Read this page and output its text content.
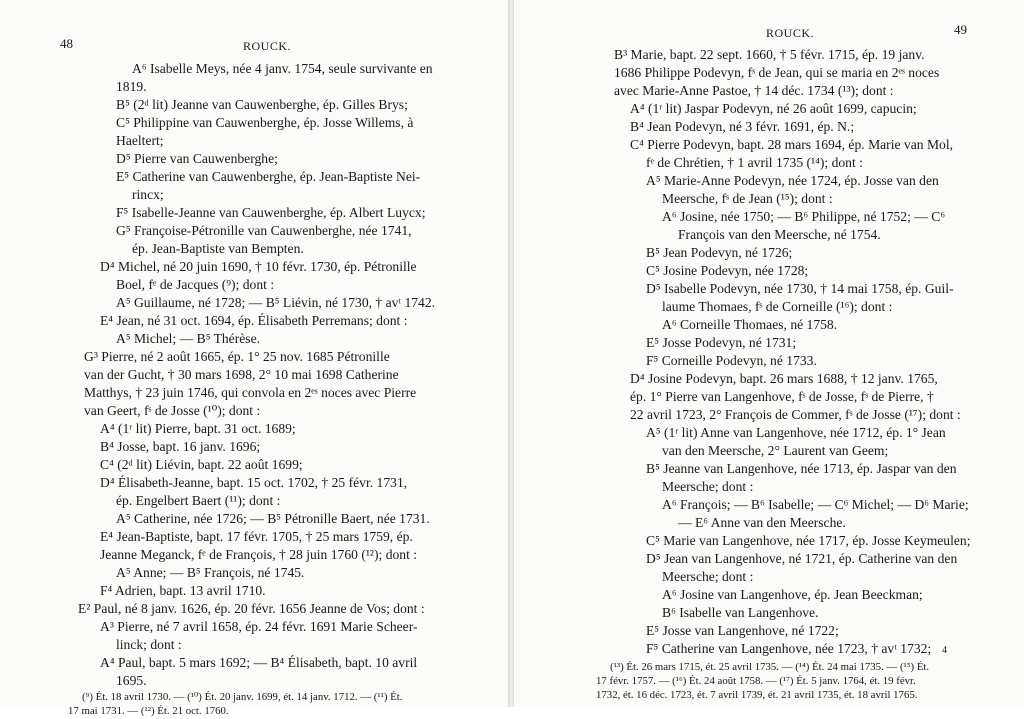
48	ROUCK.
A⁶ Isabelle Meys, née 4 janv. 1754, seule survivante en
1819.
B⁵ (2ᵈ lit) Jeanne van Cauwenberghe, ép. Gilles Brys;
C⁵ Philippine van Cauwenberghe, ép. Josse Willems, à
Haeltert;
D⁵ Pierre van Cauwenberghe;
E⁵ Catherine van Cauwenberghe, ép. Jean-Baptiste Nei-
rincx;
F⁵ Isabelle-Jeanne van Cauwenberghe, ép. Albert Luycx;
G⁵ Françoise-Pétronille van Cauwenberghe, née 1741,
ép. Jean-Baptiste van Bempten.
D⁴ Michel, né 20 juin 1690, † 10 févr. 1730, ép. Pétronille
Boel, fᵉ de Jacques (⁹); dont :
A⁵ Guillaume, né 1728; — B⁵ Liévin, né 1730, † avᵗ 1742.
E⁴ Jean, né 31 oct. 1694, ép. Élisabeth Perremans; dont :
A⁵ Michel; — B⁵ Thérèse.
G³ Pierre, né 2 août 1665, ép. 1° 25 nov. 1685 Pétronille
van der Gucht, † 30 mars 1698, 2° 10 mai 1698 Catherine
Matthys, † 23 juin 1746, qui convola en 2ᵉˢ noces avec Pierre
van Geert, fˢ de Josse (¹⁰); dont :
A⁴ (1ʳ lit) Pierre, bapt. 31 oct. 1689;
B⁴ Josse, bapt. 16 janv. 1696;
C⁴ (2ᵈ lit) Liévin, bapt. 22 août 1699;
D⁴ Élisabeth-Jeanne, bapt. 15 oct. 1702, † 25 févr. 1731,
ép. Engelbert Baert (¹¹); dont :
A⁵ Catherine, née 1726; — B⁵ Pétronille Baert, née 1731.
E⁴ Jean-Baptiste, bapt. 17 févr. 1705, † 25 mars 1759, ép.
Jeanne Meganck, fᵉ de François, † 28 juin 1760 (¹²); dont :
A⁵ Anne; — B⁵ François, né 1745.
F⁴ Adrien, bapt. 13 avril 1710.
E² Paul, né 8 janv. 1626, ép. 20 févr. 1656 Jeanne de Vos; dont :
A³ Pierre, né 7 avril 1658, ép. 24 févr. 1691 Marie Scheer-
linck; dont :
A⁴ Paul, bapt. 5 mars 1692; — B⁴ Élisabeth, bapt. 10 avril
1695.
(⁹) Ét. 18 avril 1730. — (¹⁰) Ét. 20 janv. 1699, ét. 14 janv. 1712. — (¹¹) Ét.
17 mai 1731. — (¹²) Ét. 21 oct. 1760.
ROUCK.	49
B³ Marie, bapt. 22 sept. 1660, † 5 févr. 1715, ép. 19 janv.
1686 Philippe Podevyn, fˢ de Jean, qui se maria en 2ᵉˢ noces
avec Marie-Anne Pastoe, † 14 déc. 1734 (¹³); dont :
A⁴ (1ʳ lit) Jaspar Podevyn, né 26 août 1699, capucin;
B⁴ Jean Podevyn, né 3 févr. 1691, ép. N.;
C⁴ Pierre Podevyn, bapt. 28 mars 1694, ép. Marie van Mol,
fᵉ de Chrétien, † 1 avril 1735 (¹⁴); dont :
A⁵ Marie-Anne Podevyn, née 1724, ép. Josse van den
Meersche, fˢ de Jean (¹⁵); dont :
A⁶ Josine, née 1750; — B⁶ Philippe, né 1752; — C⁶
François van den Meersche, né 1754.
B⁵ Jean Podevyn, né 1726;
C⁵ Josine Podevyn, née 1728;
D⁵ Isabelle Podevyn, née 1730, † 14 mai 1758, ép. Guil-
laume Thomaes, fˢ de Corneille (¹⁶); dont :
A⁶ Corneille Thomaes, né 1758.
E⁵ Josse Podevyn, né 1731;
F⁵ Corneille Podevyn, né 1733.
D⁴ Josine Podevyn, bapt. 26 mars 1688, † 12 janv. 1765,
ép. 1° Pierre van Langenhove, fˢ de Josse, fˢ de Pierre, †
22 avril 1723, 2° François de Commer, fˢ de Josse (¹⁷); dont :
A⁵ (1ʳ lit) Anne van Langenhove, née 1712, ép. 1° Jean
van den Meersche, 2° Laurent van Geem;
B⁵ Jeanne van Langenhove, née 1713, ép. Jaspar van den
Meersche; dont :
A⁶ François; — B⁶ Isabelle; — C⁶ Michel; — D⁶ Marie;
— E⁶ Anne van den Meersche.
C⁵ Marie van Langenhove, née 1717, ép. Josse Keymeulen;
D⁵ Jean van Langenhove, né 1721, ép. Catherine van den
Meersche; dont :
A⁶ Josine van Langenhove, ép. Jean Beeckman;
B⁶ Isabelle van Langenhove.
E⁵ Josse van Langenhove, né 1722;
F⁵ Catherine van Langenhove, née 1723, † avᵗ 1732;
(¹³) Ét. 26 mars 1715, ét. 25 avril 1735. — (¹⁴) Ét. 24 mai 1735. — (¹⁵) Ét.
17 févr. 1757. — (¹⁶) Ét. 24 août 1758. — (¹⁷) Ét. 5 janv. 1764, ét. 19 févr.
1732, ét. 16 déc. 1723, ét. 7 avril 1739, ét. 21 avril 1735, ét. 18 avril 1765.
4
